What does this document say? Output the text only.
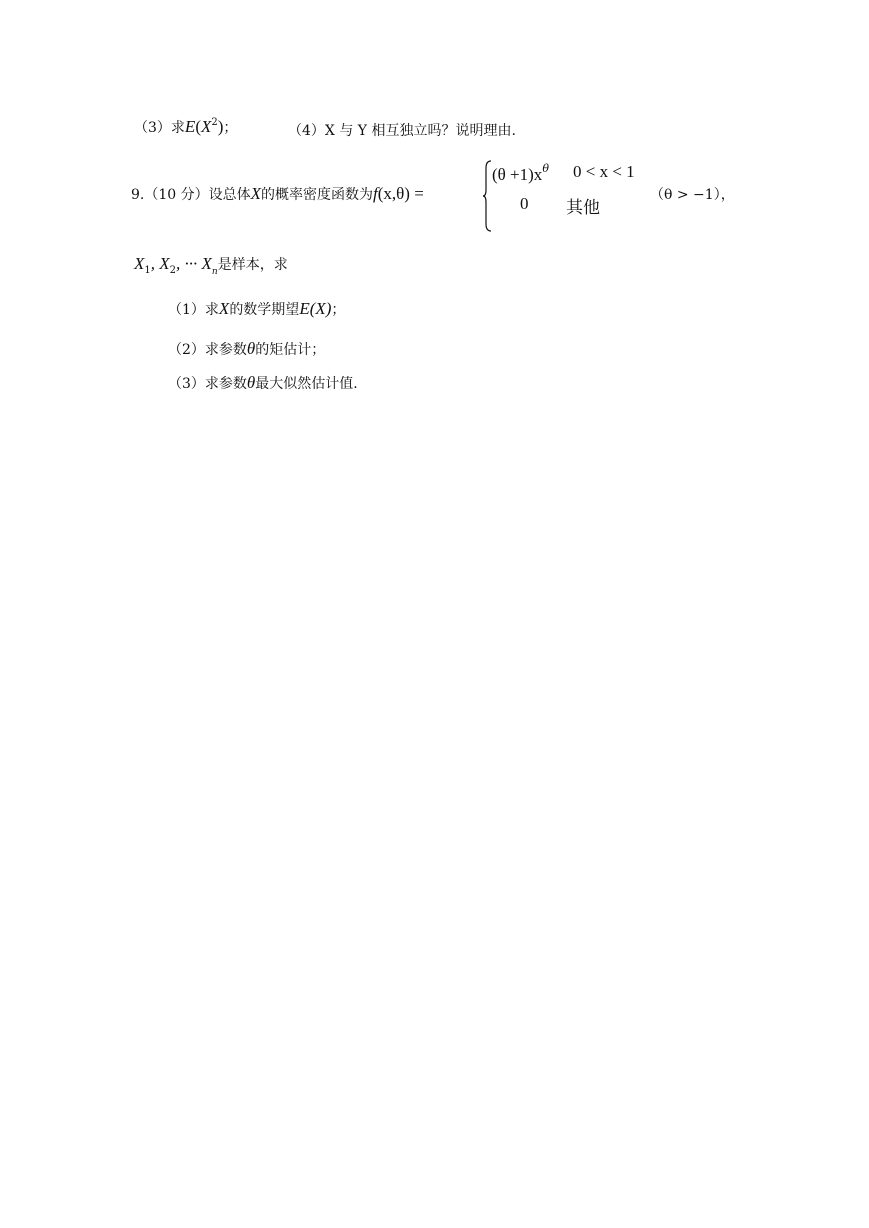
（3）求$E(X^2)$；	（4）X 与 Y 相互独立吗？说明理由.
9.（10 分）设总体X的概率密度函数为f(x,θ) =
$(\theta +1)x^\theta$ 0 < x < 1
0 其他
（θ > −1），
$X_1$, $X_2$, ··· $X_n$是样本，求
（1）求X的数学期望E(X)；
（2）求参数θ的矩估计；
（3）求参数θ最大似然估计值.
